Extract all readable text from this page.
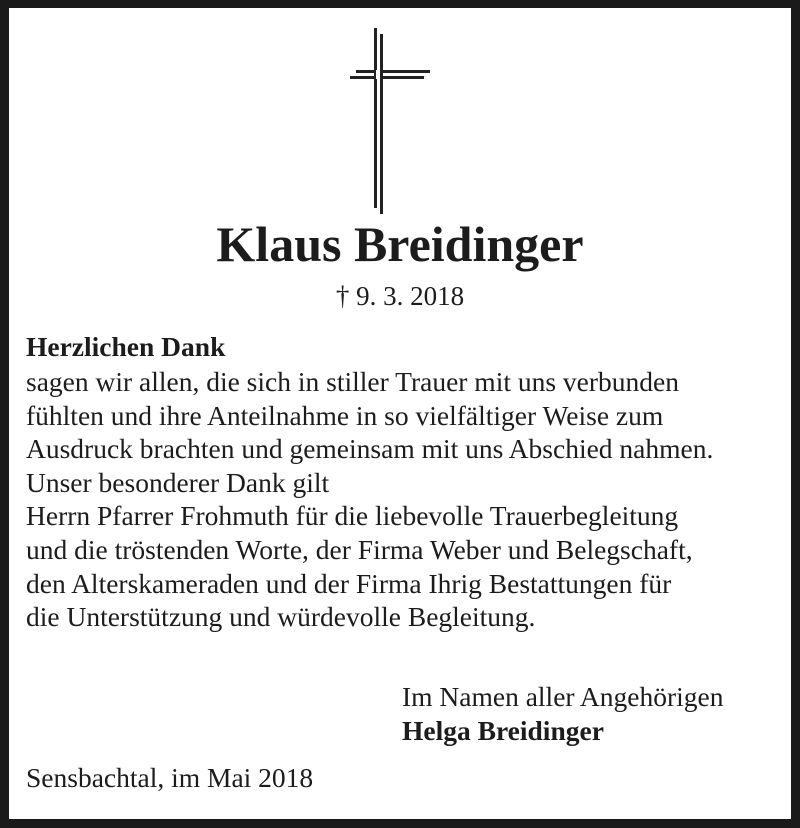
Klaus Breidinger
† 9. 3. 2018
Herzlichen Dank
sagen wir allen, die sich in stiller Trauer mit uns verbunden
fühlten und ihre Anteilnahme in so vielfältiger Weise zum
Ausdruck brachten und gemeinsam mit uns Abschied nahmen.
Unser besonderer Dank gilt
Herrn Pfarrer Frohmuth für die liebevolle Trauerbegleitung
und die tröstenden Worte, der Firma Weber und Belegschaft,
den Alterskameraden und der Firma Ihrig Bestattungen für
die Unterstützung und würdevolle Begleitung.
Im Namen aller Angehörigen
Helga Breidinger
Sensbachtal, im Mai 2018
